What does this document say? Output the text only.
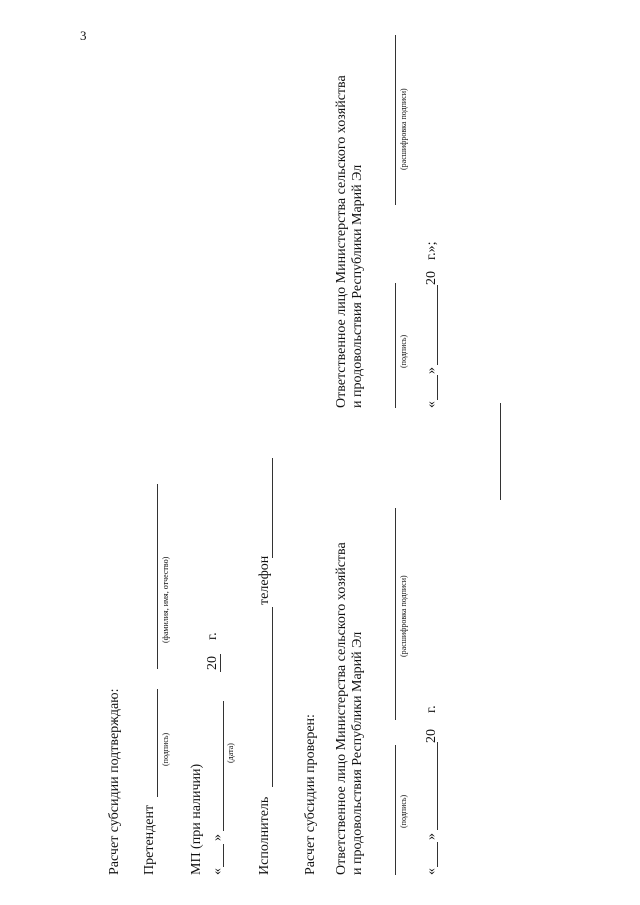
3
Расчет субсидии подтверждаю: Претендент
(подпись)
(фамилия, имя, отчество)
МП (при наличии) «
»
(дата)
20
г.
Исполнитель
телефон
Расчет субсидии проверен: Ответственное лицо Министерства сельского хозяйства и продовольствия Республики Марий Эл	(подпись)
(расшифровка подписи)
«
»
20
г.
Ответственное лицо Министерства сельского хозяйства и продовольствия Республики Марий Эл	(подпись)
(расшифровка подписи)
«
»
20
г.»;
